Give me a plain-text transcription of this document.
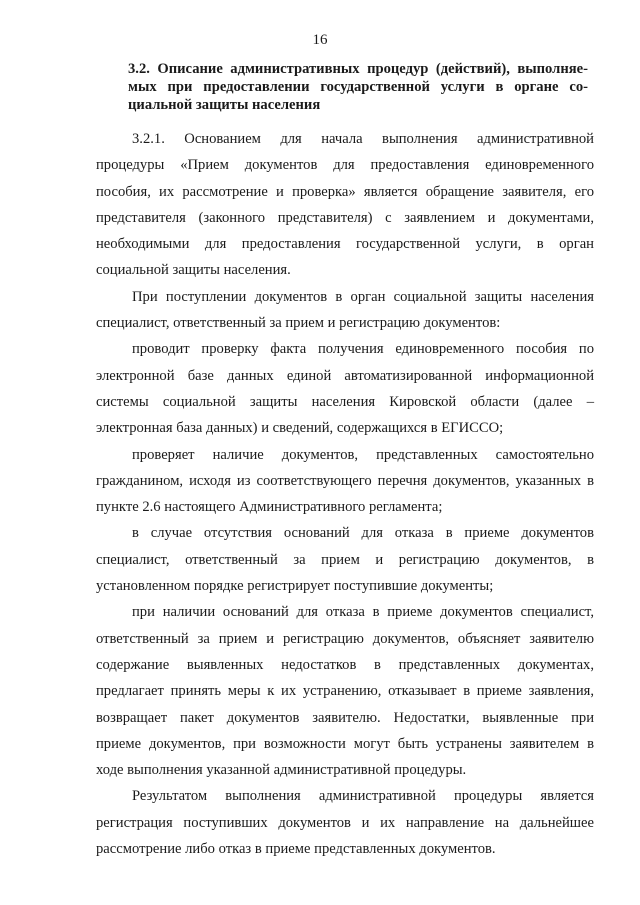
16
3.2. Описание административных процедур (действий), выполняе-
мых при предоставлении государственной услуги в органе со-
циальной защиты населения
3.2.1. Основанием для начала выполнения административной
процедуры «Прием документов для предоставления единовременного
пособия, их рассмотрение и проверка» является обращение заявителя, его
представителя (законного представителя) с заявлением и документами,
необходимыми для предоставления государственной услуги, в орган
социальной защиты населения.
При поступлении документов в орган социальной защиты населения
специалист, ответственный за прием и регистрацию документов:
проводит проверку факта получения единовременного пособия по
электронной базе данных единой автоматизированной информационной
системы социальной защиты населения Кировской области (далее –
электронная база данных) и сведений, содержащихся в ЕГИССО;
проверяет наличие документов, представленных самостоятельно
гражданином, исходя из соответствующего перечня документов, указанных в
пункте 2.6 настоящего Административного регламента;
в случае отсутствия оснований для отказа в приеме документов
специалист, ответственный за прием и регистрацию документов, в
установленном порядке регистрирует поступившие документы;
при наличии оснований для отказа в приеме документов специалист,
ответственный за прием и регистрацию документов, объясняет заявителю
содержание выявленных недостатков в представленных документах,
предлагает принять меры к их устранению, отказывает в приеме заявления,
возвращает пакет документов заявителю. Недостатки, выявленные при
приеме документов, при возможности могут быть устранены заявителем в
ходе выполнения указанной административной процедуры.
Результатом выполнения административной процедуры является
регистрация поступивших документов и их направление на дальнейшее
рассмотрение либо отказ в приеме представленных документов.
